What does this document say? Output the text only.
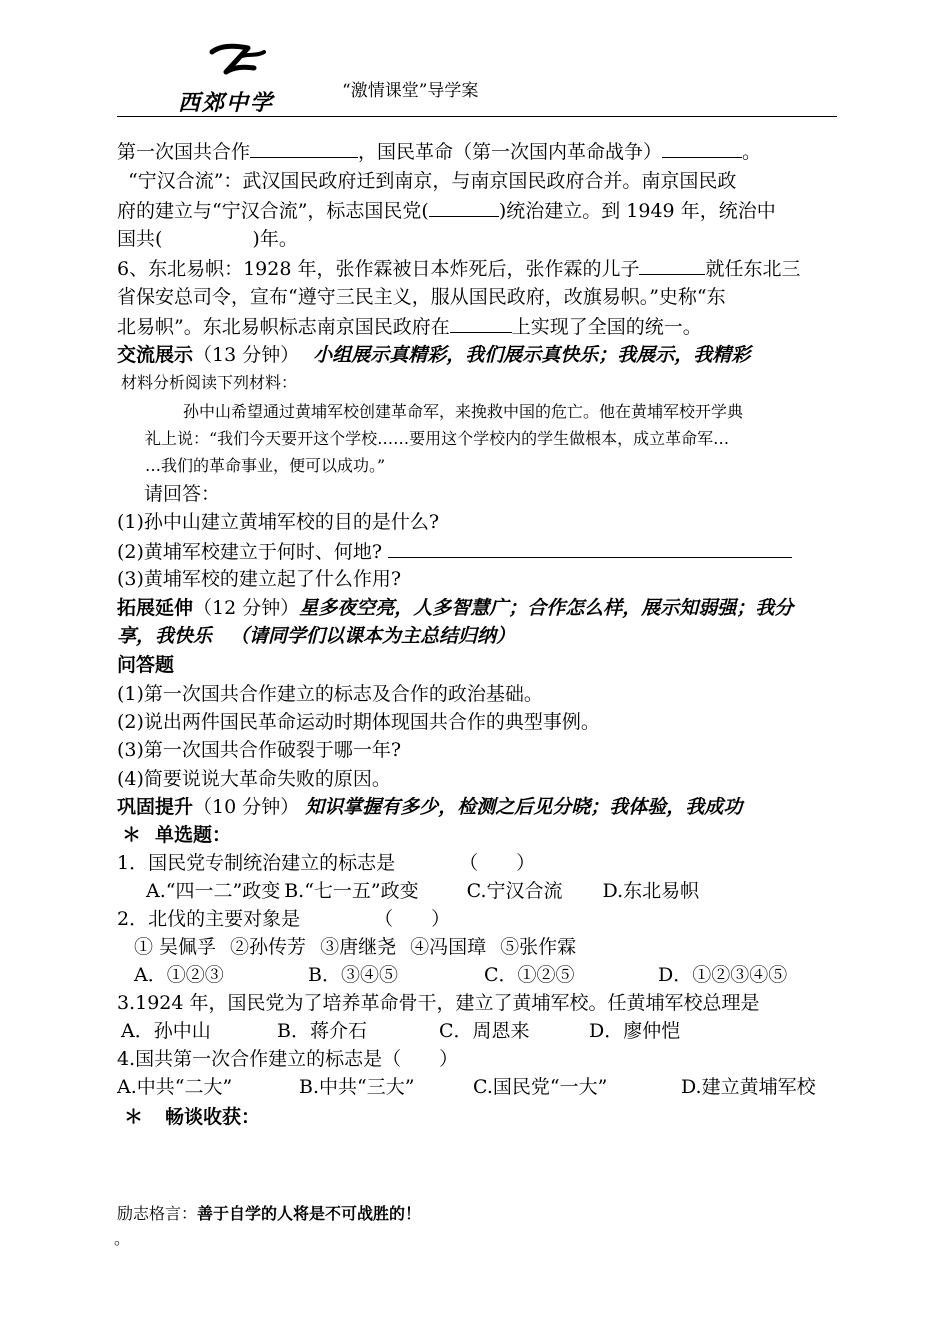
西郊中学	“激情课堂”导学案
第一次国共合作	，国民革命（第一次国内革命战争）	。
“宁汉合流”：武汉国民政府迁到南京，与南京国民政府合并。南京国民政
府的建立与“宁汉合流”，标志国民党(	)统治建立。到 1949 年，统治中
国共(	)年。
6、东北易帜：1928 年，张作霖被日本炸死后，张作霖的儿子	就任东北三
省保安总司令，宣布“遵守三民主义，服从国民政府，改旗易帜。”史称“东
北易帜”。东北易帜标志南京国民政府在	上实现了全国的统一。
交流展示（13 分钟） 小组展示真精彩，我们展示真快乐；我展示，我精彩
材料分析阅读下列材料：
孙中山希望通过黄埔军校创建革命军，来挽救中国的危亡。他在黄埔军校开学典
礼上说：“我们今天要开这个学校……要用这个学校内的学生做根本，成立革命军…
…我们的革命事业，便可以成功。”
请回答：
(1)孙中山建立黄埔军校的目的是什么?
(2)黄埔军校建立于何时、何地?
(3)黄埔军校的建立起了什么作用?
拓展延伸（12 分钟）星多夜空亮，人多智慧广；合作怎么样，展示知弱强；我分
享，我快乐 （请同学们以课本为主总结归纳）
问答题
(1)第一次国共合作建立的标志及合作的政治基础。
(2)说出两件国民革命运动时期体现国共合作的典型事例。
(3)第一次国共合作破裂于哪一年?
(4)简要说说大革命失败的原因。
巩固提升（10 分钟） 知识掌握有多少，检测之后见分晓；我体验，我成功
＊ 单选题：
1．国民党专制统治建立的标志是	（　　）
A.“四一二”政变 B.“七一五”政变	C.宁汉合流 D.东北易帜
2．北伐的主要对象是	（　　）
① 吴佩孚 ②孙传芳 ③唐继尧 ④冯国璋 ⑤张作霖
A．①②③	B．③④⑤	C．①②⑤	D．①②③④⑤
3.1924 年，国民党为了培养革命骨干，建立了黄埔军校。任黄埔军校总理是
A．孙中山	B．蒋介石	C．周恩来	D．廖仲恺
4.国共第一次合作建立的标志是（　　）
A.中共“二大”	B.中共“三大”	C.国民党“一大”	D.建立黄埔军校
＊ 畅谈收获：
励志格言：善于自学的人将是不可战胜的！
。
